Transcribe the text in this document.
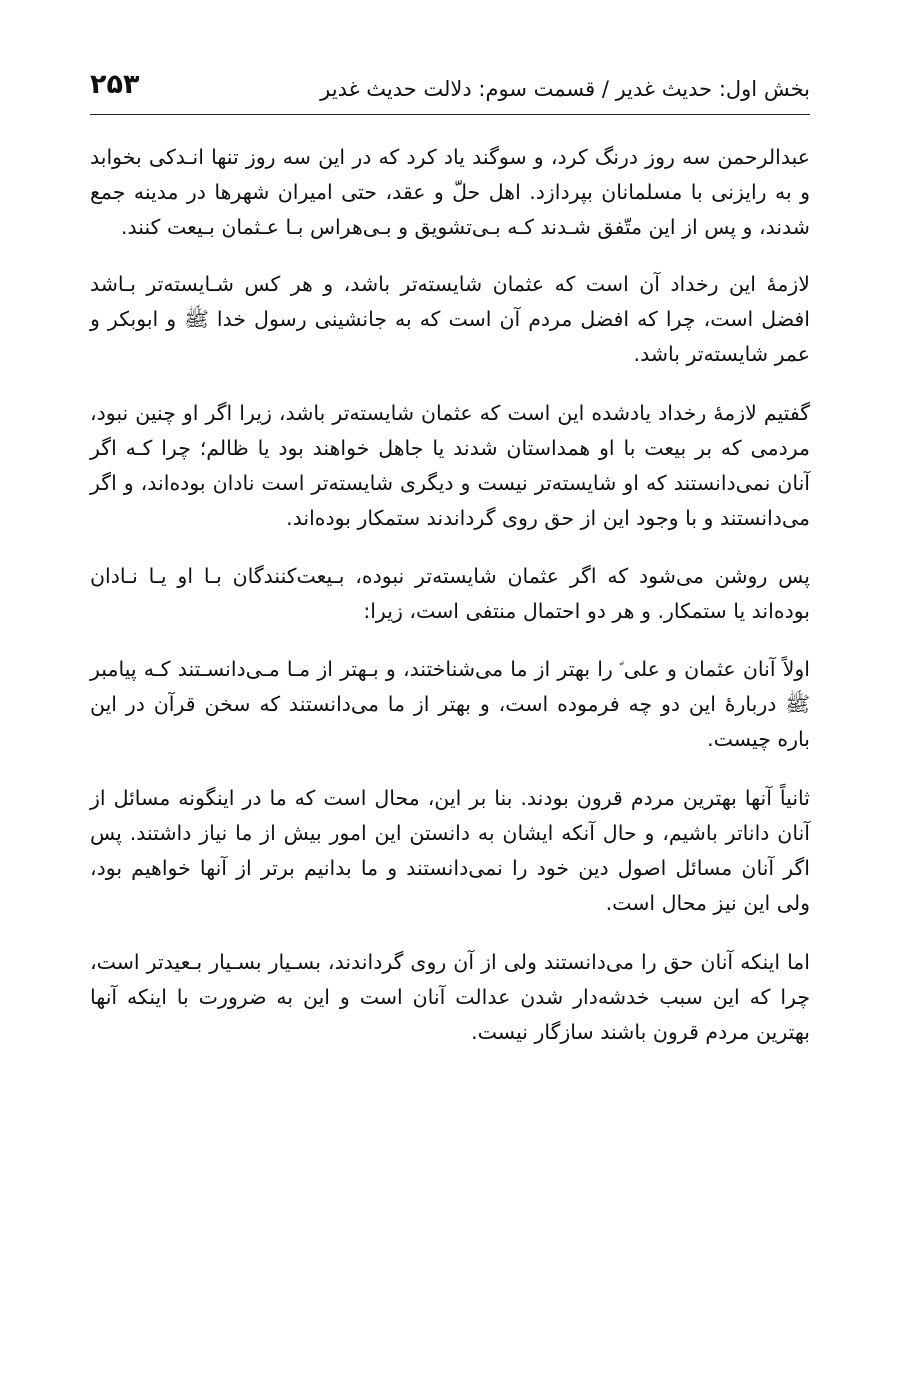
بخش اول: حدیث غدیر / قسمت سوم: دلالت حدیث غدیر
۲۵۳

عبدالرحمن سه روز درنگ کرد، و سوگند یاد کرد که در این سه روز تنها انـدکی بخوابد و به رایزنی با مسلمانان بپردازد. اهل حلّ و عقد، حتی امیران شهرها در مدینه جمع شدند، و پس از این متّفق شـدند کـه بـی‌تشویق و بـی‌هراس بـا عـثمان بـیعت کنند.

لازمهٔ این رخداد آن است که عثمان شایسته‌تر باشد، و هر کس شـایسته‌تر بـاشد افضل است، چرا که افضل مردم آن است که به جانشینی رسول خدا ﷺ و ابوبکر و عمر شایسته‌تر باشد.

گفتیم لازمهٔ رخداد یادشده این است که عثمان شایسته‌تر باشد، زیرا اگر او چنین نبود، مردمی که بر بیعت با او همداستان شدند یا جاهل خواهند بود یا ظالم؛ چرا کـه اگر آنان نمی‌دانستند که او شایسته‌تر نیست و دیگری شایسته‌تر است نادان بوده‌اند، و اگر می‌دانستند و با وجود این از حق روی گرداندند ستمکار بوده‌اند.

پس روشن می‌شود که اگر عثمان شایسته‌تر نبوده، بـیعت‌کنندگان بـا او یـا نـادان بوده‌اند یا ستمکار. و هر دو احتمال منتفی است، زیرا:

اولاً آنان عثمان و علی ؑ را بهتر از ما می‌شناختند، و بـهتر از مـا مـی‌دانسـتند کـه پیامبر ﷺ دربارهٔ این دو چه فرموده است، و بهتر از ما می‌دانستند که سخن قرآن در این باره چیست.

ثانیاً آنها بهترین مردم قرون بودند. بنا بر این، محال است که ما در اینگونه مسائل از آنان داناتر باشیم، و حال آنکه ایشان به دانستن این امور بیش از ما نیاز داشتند. پس اگر آنان مسائل اصول دین خود را نمی‌دانستند و ما بدانیم برتر از آنها خواهیم بود، ولی این نیز محال است.

اما اینکه آنان حق را می‌دانستند ولی از آن روی گرداندند، بسـیار بسـیار بـعیدتر است، چرا که این سبب خدشه‌دار شدن عدالت آنان است و این به ضرورت با اینکه آنها بهترین مردم قرون باشند سازگار نیست.
